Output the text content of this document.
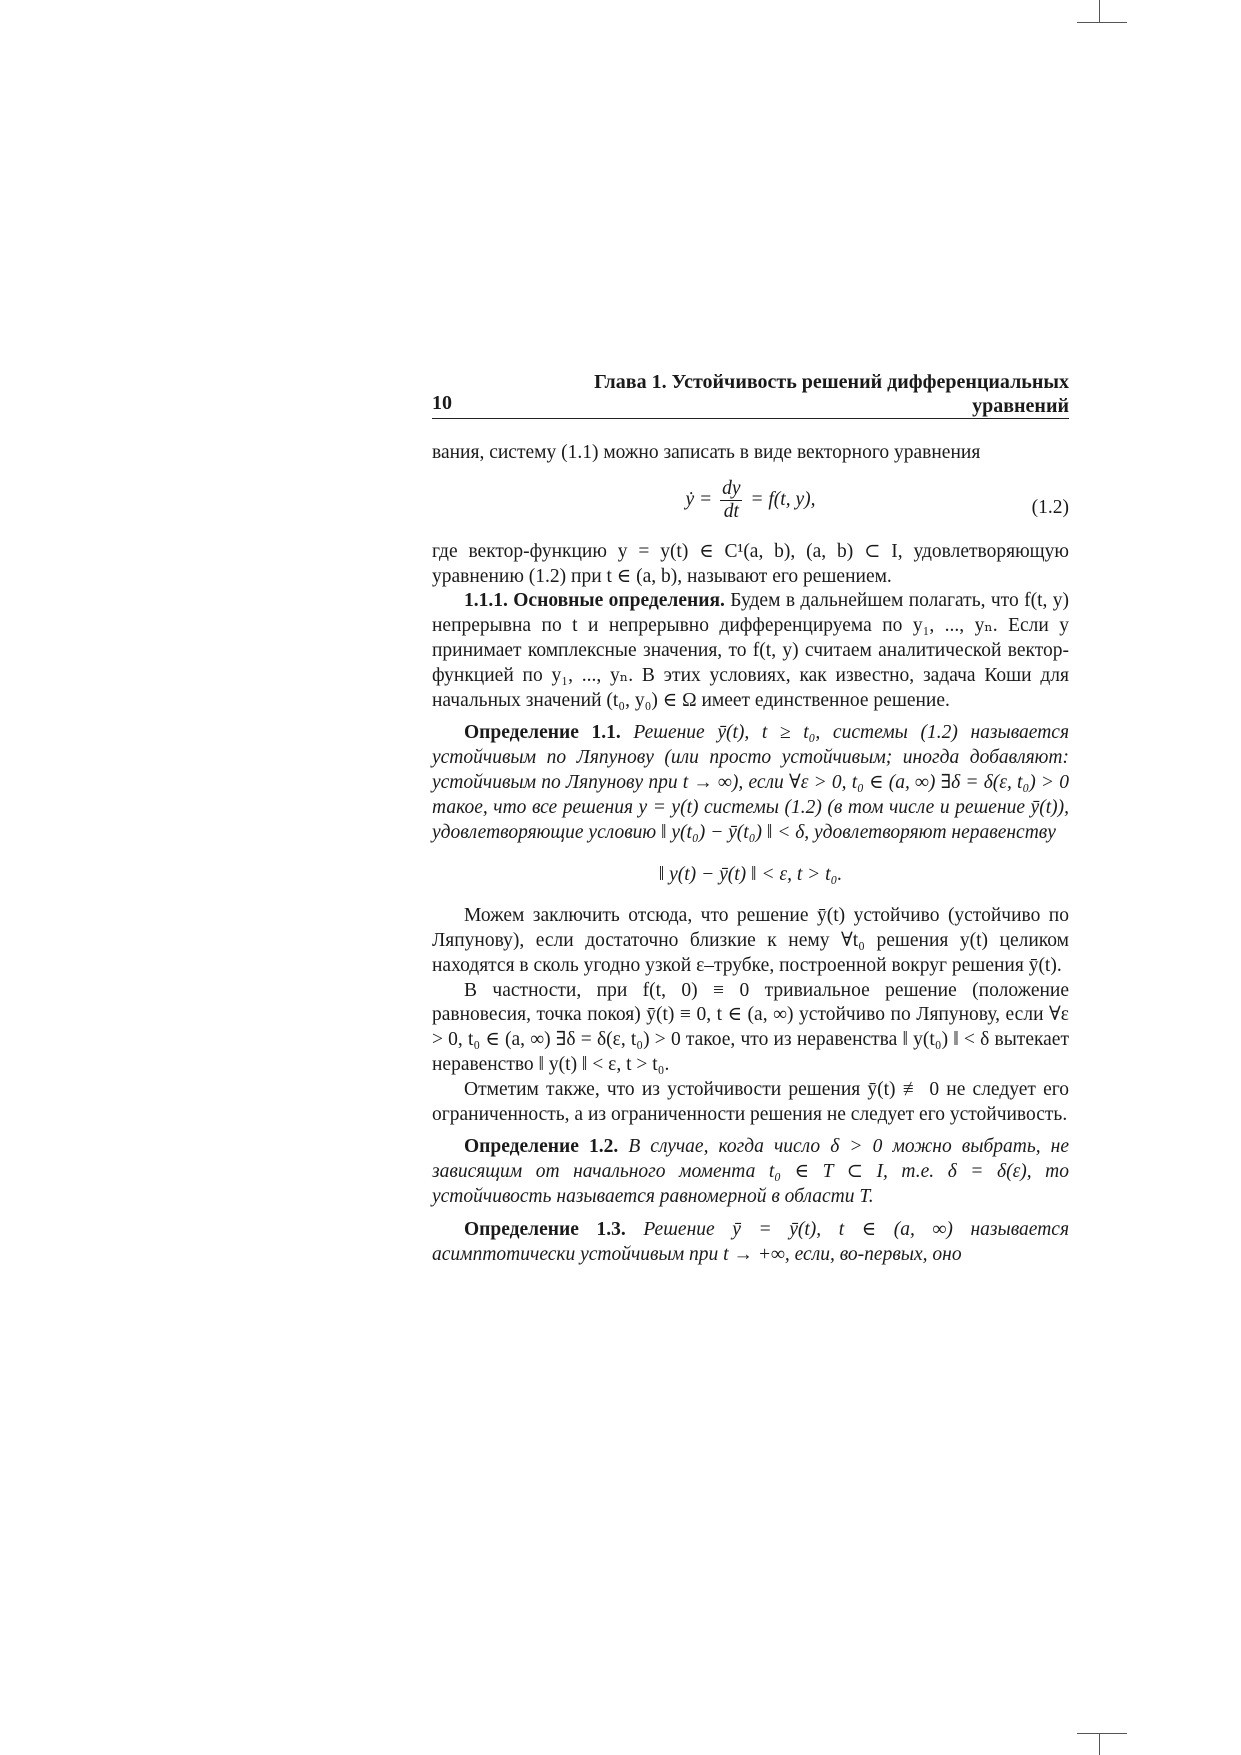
Глава 1. Устойчивость решений дифференциальных
уравнений
10

вания, систему (1.1) можно записать в виде векторного уравнения

ẏ = $\frac{dy}{dt} = f(t$, y),	(1.2)

где вектор-функцию y = y(t) ∈ C¹(a, b), (a, b) ⊂ I, удовлетворяющую уравнению (1.2) при t ∈ (a, b), называют его решением.

1.1.1. Основные определения. Будем в дальнейшем полагать, что f(t, y) непрерывна по t и непрерывно дифференцируема по y₁, ..., yₙ. Если y принимает комплексные значения, то f(t, y) считаем аналитической вектор-функцией по y₁, ..., yₙ. В этих условиях, как известно, задача Коши для начальных значений (t₀, y₀) ∈ Ω имеет единственное решение.

Определение 1.1. Решение ȳ(t), t ≥ t₀, системы (1.2) называется устойчивым по Ляпунову (или просто устойчивым; иногда добавляют: устойчивым по Ляпунову при t → ∞), если ∀ε > 0, t₀ ∈ (a, ∞) ∃δ = δ(ε, t₀) > 0 такое, что все решения y = y(t) системы (1.2) (в том числе и решение ȳ(t)), удовлетворяющие условию ‖ y(t₀) − ȳ(t₀) ‖ < δ, удовлетворяют неравенству

‖ y(t) − ȳ(t) ‖ < ε, t > t₀.

Можем заключить отсюда, что решение ȳ(t) устойчиво (устойчиво по Ляпунову), если достаточно близкие к нему ∀t₀ решения y(t) целиком находятся в сколь угодно узкой ε–трубке, построенной вокруг решения ȳ(t).

В частности, при f(t, 0) ≡ 0 тривиальное решение (положение равновесия, точка покоя) ȳ(t) ≡ 0, t ∈ (a, ∞) устойчиво по Ляпунову, если ∀ε > 0, t₀ ∈ (a, ∞) ∃δ = δ(ε, t₀) > 0 такое, что из неравенства ‖ y(t₀) ‖ < δ вытекает неравенство ‖ y(t) ‖ < ε, t > t₀.

Отметим также, что из устойчивости решения ȳ(t) ≢ 0 не следует его ограниченность, а из ограниченности решения не следует его устойчивость.

Определение 1.2. В случае, когда число δ > 0 можно выбрать, не зависящим от начального момента t₀ ∈ T ⊂ I, т.е. δ = δ(ε), то устойчивость называется равномерной в области T.

Определение 1.3. Решение ȳ = ȳ(t), t ∈ (a, ∞) называется асимптотически устойчивым при t → +∞, если, во-первых, оно
